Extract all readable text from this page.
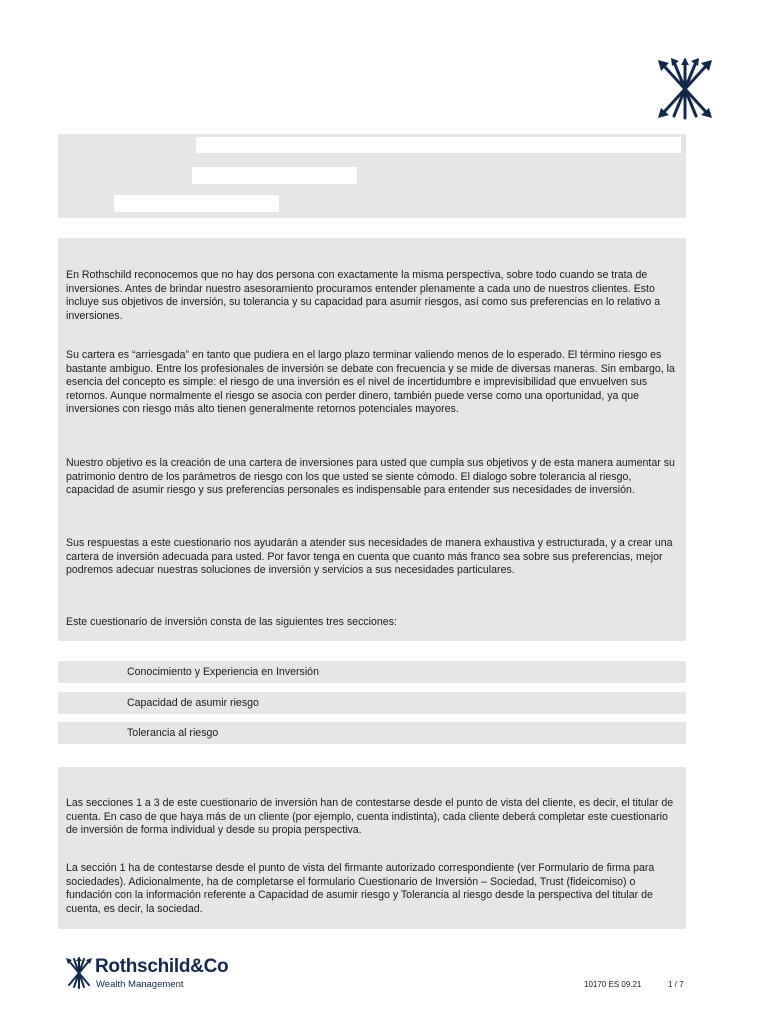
En Rothschild reconocemos que no hay dos persona con exactamente la misma perspectiva, sobre todo cuando se trata de inversiones. Antes de brindar nuestro asesoramiento procuramos entender plenamente a cada uno de nuestros clientes. Esto incluye sus objetivos de inversión, su tolerancia y su capacidad para asumir riesgos, así como sus preferencias en lo relativo a inversiones.

Su cartera es “arriesgada” en tanto que pudiera en el largo plazo terminar valiendo menos de lo esperado. El término riesgo es bastante ambiguo. Entre los profesionales de inversión se debate con frecuencia y se mide de diversas maneras. Sin embargo, la esencia del concepto es simple: el riesgo de una inversión es el nivel de incertidumbre e imprevisibilidad que envuelven sus retornos. Aunque normalmente el riesgo se asocia con perder dinero, también puede verse como una oportunidad, ya que inversiones con riesgo más alto tienen generalmente retornos potenciales mayores.

Nuestro objetivo es la creación de una cartera de inversiones para usted que cumpla sus objetivos y de esta manera aumentar su patrimonio dentro de los parámetros de riesgo con los que usted se siente cómodo. El dialogo sobre tolerancia al riesgo, capacidad de asumir riesgo y sus preferencias personales es indispensable para entender sus necesidades de inversión.

Sus respuestas a este cuestionario nos ayudarán a atender sus necesidades de manera exhaustiva y estructurada, y a crear una cartera de inversión adecuada para usted. Por favor tenga en cuenta que cuanto más franco sea sobre sus preferencias, mejor podremos adecuar nuestras soluciones de inversión y servicios a sus necesidades particulares.

Este cuestionario de inversión consta de las siguientes tres secciones:

Conocimiento y Experiencia en Inversión
Capacidad de asumir riesgo
Tolerancia al riesgo

Las secciones 1 a 3 de este cuestionario de inversión han de contestarse desde el punto de vista del cliente, es decir, el titular de cuenta. En caso de que haya más de un cliente (por ejemplo, cuenta indistinta), cada cliente deberá completar este cuestionario de inversión de forma individual y desde su propia perspectiva.

La sección 1 ha de contestarse desde el punto de vista del firmante autorizado correspondiente (ver Formulario de firma para sociedades). Adicionalmente, ha de completarse el formulario Cuestionario de Inversión – Sociedad, Trust (fideicomiso) o fundación con la información referente a Capacidad de asumir riesgo y Tolerancia al riesgo desde la perspectiva del titular de cuenta, es decir, la sociedad.

Rothschild&Co
Wealth Management	10170 ES 09.21	1 / 7
